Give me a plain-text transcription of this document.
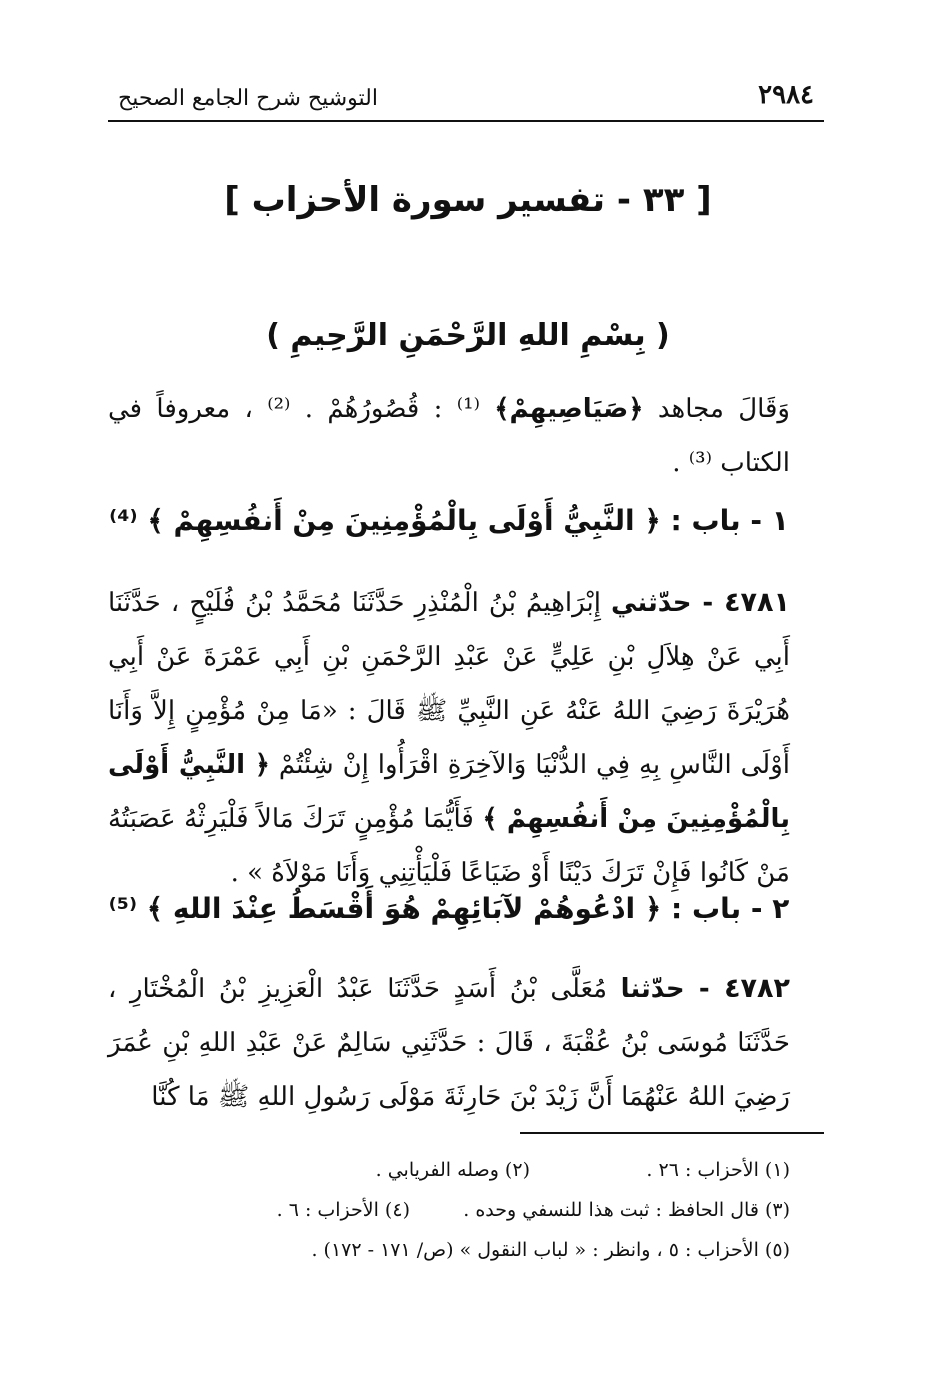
٢٩٨٤
التوشيح شرح الجامع الصحيح
[ ٣٣ - تفسير سورة الأحزاب ]
( بِسْمِ اللهِ الرَّحْمَنِ الرَّحِيمِ )
وَقَالَ مجاهد ﴿صَيَاصِيهِمْ﴾ ⁽¹⁾ : قُصُورُهُمْ . ⁽²⁾ ، معروفاً في الكتاب ⁽³⁾ .
١ - باب : ﴿ النَّبِيُّ أَوْلَى بِالْمُؤْمِنِينَ مِنْ أَنفُسِهِمْ ﴾ ⁽⁴⁾
٤٧٨١ - حدّثني إِبْرَاهِيمُ بْنُ الْمُنْذِرِ حَدَّثَنَا مُحَمَّدُ بْنُ فُلَيْحٍ ، حَدَّثَنَا أَبِي عَنْ هِلاَلِ بْنِ عَلِيٍّ عَنْ عَبْدِ الرَّحْمَنِ بْنِ أَبِي عَمْرَةَ عَنْ أَبِي هُرَيْرَةَ رَضِيَ اللهُ عَنْهُ عَنِ النَّبِيِّ ﷺ قَالَ : «مَا مِنْ مُؤْمِنٍ إِلاَّ وَأَنَا أَوْلَى النَّاسِ بِهِ فِي الدُّنْيَا وَالآخِرَةِ اقْرَأُوا إِنْ شِئْتُمْ ﴿ النَّبِيُّ أَوْلَى بِالْمُؤْمِنِينَ مِنْ أَنفُسِهِمْ ﴾ فَأَيُّمَا مُؤْمِنٍ تَرَكَ مَالاً فَلْيَرِثْهُ عَصَبَتُهُ مَنْ كَانُوا فَإِنْ تَرَكَ دَيْنًا أَوْ ضَيَاعًا فَلْيَأْتِنِي وَأَنَا مَوْلاَهُ » .
٢ - باب : ﴿ ادْعُوهُمْ لآبَائِهِمْ هُوَ أَقْسَطُ عِنْدَ اللهِ ﴾ ⁽⁵⁾
٤٧٨٢ - حدّثنا مُعَلَّى بْنُ أَسَدٍ حَدَّثَنَا عَبْدُ الْعَزِيزِ بْنُ الْمُخْتَارِ ، حَدَّثَنَا مُوسَى بْنُ عُقْبَةَ ، قَالَ : حَدَّثَنِي سَالِمٌ عَنْ عَبْدِ اللهِ بْنِ عُمَرَ رَضِيَ اللهُ عَنْهُمَا أَنَّ زَيْدَ بْنَ حَارِثَةَ مَوْلَى رَسُولِ اللهِ ﷺ مَا كُنَّا
(١) الأحزاب : ٢٦ .
(٢) وصله الفريابي .
(٣) قال الحافظ : ثبت هذا للنسفي وحده .
(٤) الأحزاب : ٦ .
(٥) الأحزاب : ٥ ، وانظر : « لباب النقول » (ص/ ١٧١ - ١٧٢) .
